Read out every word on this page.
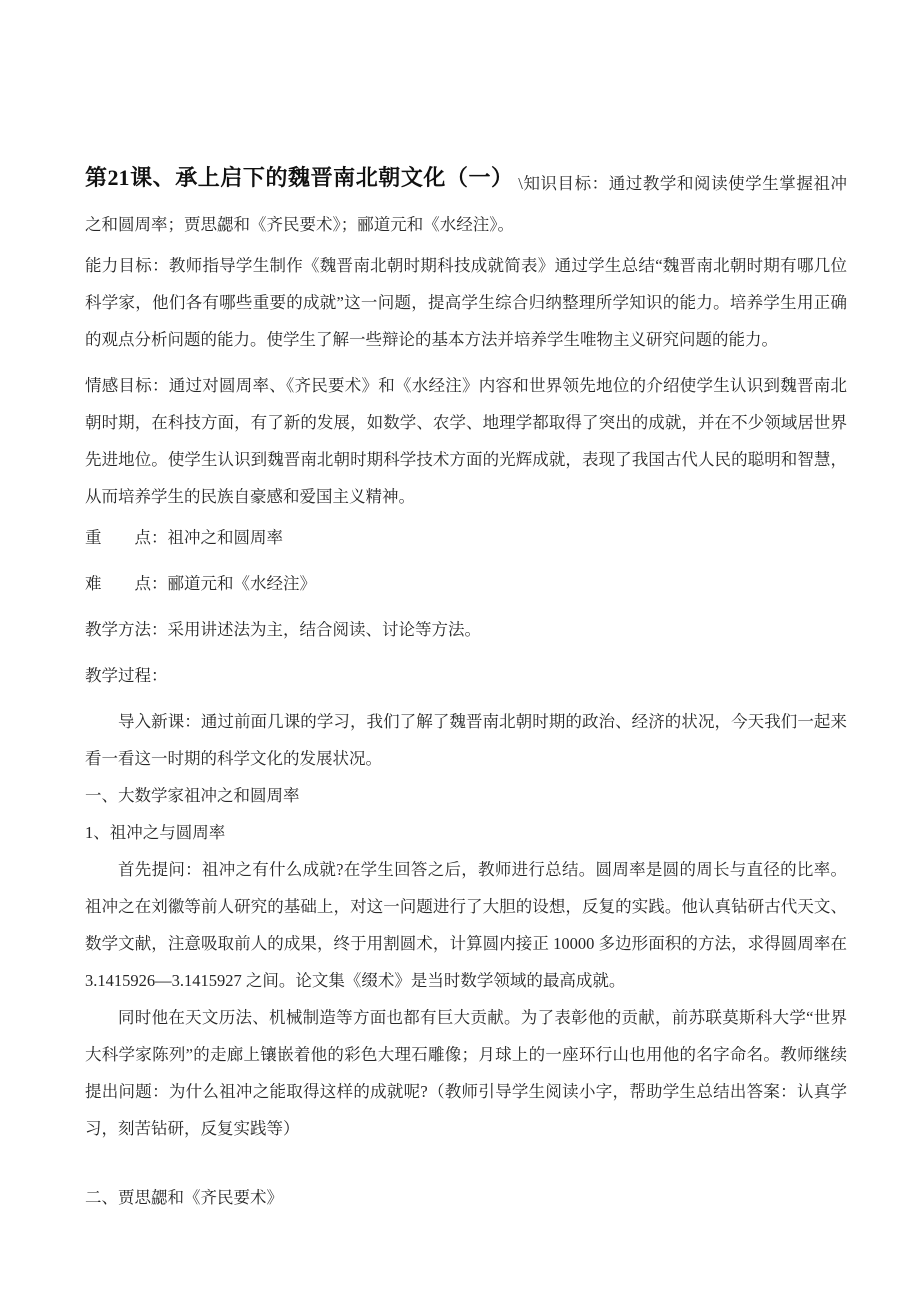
第21课、承上启下的魏晋南北朝文化（一） \知识目标：通过教学和阅读使学生掌握祖冲
之和圆周率；贾思勰和《齐民要术》；郦道元和《水经注》。
能力目标：教师指导学生制作《魏晋南北朝时期科技成就简表》通过学生总结“魏晋南北朝时期有哪几位
科学家，他们各有哪些重要的成就”这一问题，提高学生综合归纳整理所学知识的能力。培养学生用正确
的观点分析问题的能力。使学生了解一些辩论的基本方法并培养学生唯物主义研究问题的能力。
情感目标：通过对圆周率、《齐民要术》和《水经注》内容和世界领先地位的介绍使学生认识到魏晋南北
朝时期，在科技方面，有了新的发展，如数学、农学、地理学都取得了突出的成就，并在不少领域居世界
先进地位。使学生认识到魏晋南北朝时期科学技术方面的光辉成就，表现了我国古代人民的聪明和智慧，
从而培养学生的民族自豪感和爱国主义精神。
重　　点：祖冲之和圆周率
难　　点：郦道元和《水经注》
教学方法：采用讲述法为主，结合阅读、讨论等方法。
教学过程：
导入新课：通过前面几课的学习，我们了解了魏晋南北朝时期的政治、经济的状况，今天我们一起来
看一看这一时期的科学文化的发展状况。
一、大数学家祖冲之和圆周率
1、祖冲之与圆周率
首先提问：祖冲之有什么成就?在学生回答之后，教师进行总结。圆周率是圆的周长与直径的比率。
祖冲之在刘徽等前人研究的基础上，对这一问题进行了大胆的设想，反复的实践。他认真钻研古代天文、
数学文献，注意吸取前人的成果，终于用割圆术，计算圆内接正 10000 多边形面积的方法，求得圆周率在
3.1415926—3.1415927 之间。论文集《缀术》是当时数学领域的最高成就。
同时他在天文历法、机械制造等方面也都有巨大贡献。为了表彰他的贡献，前苏联莫斯科大学“世界
大科学家陈列”的走廊上镶嵌着他的彩色大理石雕像；月球上的一座环行山也用他的名字命名。教师继续
提出问题：为什么祖冲之能取得这样的成就呢?（教师引导学生阅读小字，帮助学生总结出答案：认真学
习，刻苦钻研，反复实践等）
二、贾思勰和《齐民要术》
